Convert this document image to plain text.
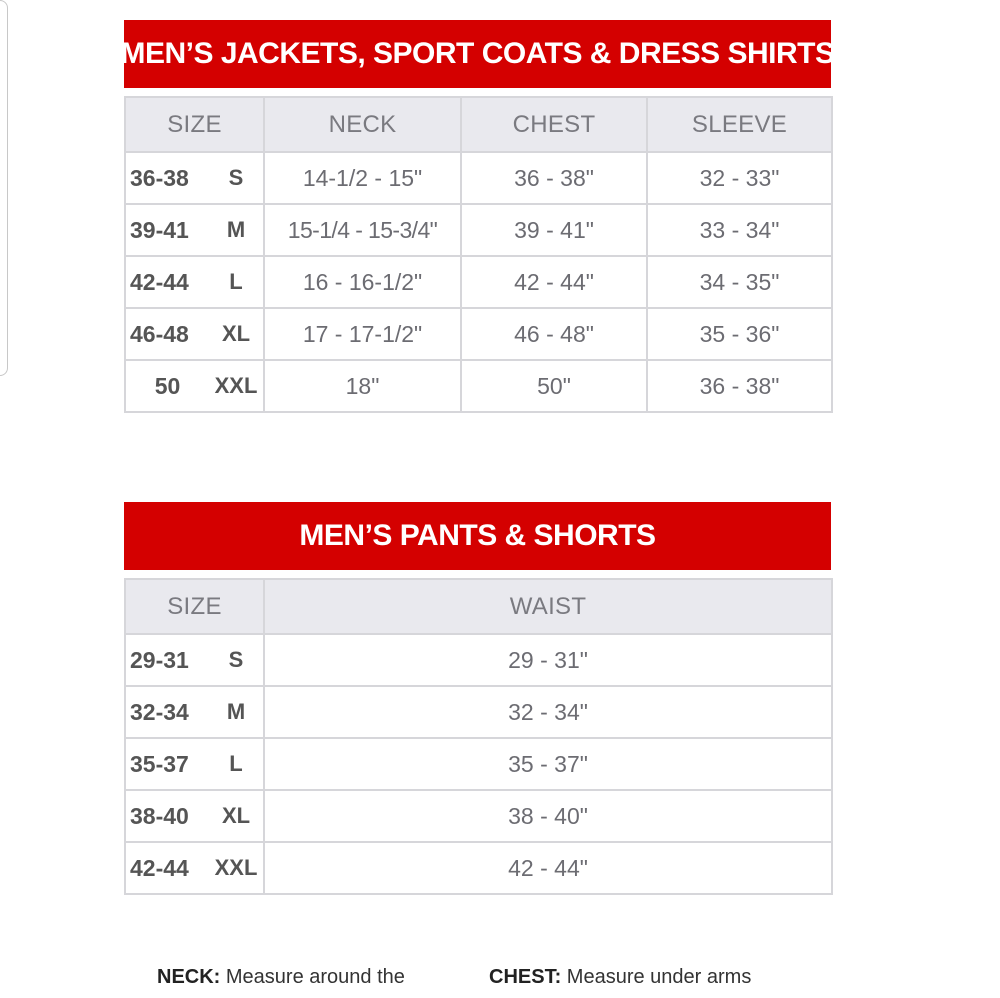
MEN’S JACKETS, SPORT COATS & DRESS SHIRTS
SIZE		NECK	CHEST	SLEEVE
36-38	S	14-1/2 - 15"	36 - 38"	32 - 33"
39-41	M	15-1/4 - 15-3/4"	39 - 41"	33 - 34"
42-44	L	16 - 16-1/2"	42 - 44"	34 - 35"
46-48	XL	17 - 17-1/2"	46 - 48"	35 - 36"
50	XXL	18"	50"	36 - 38"
MEN’S PANTS & SHORTS
SIZE		WAIST
29-31	S	29 - 31"
32-34	M	32 - 34"
35-37	L	35 - 37"
38-40	XL	38 - 40"
42-44	XXL	42 - 44"
NECK: Measure around the	CHEST: Measure under arms
